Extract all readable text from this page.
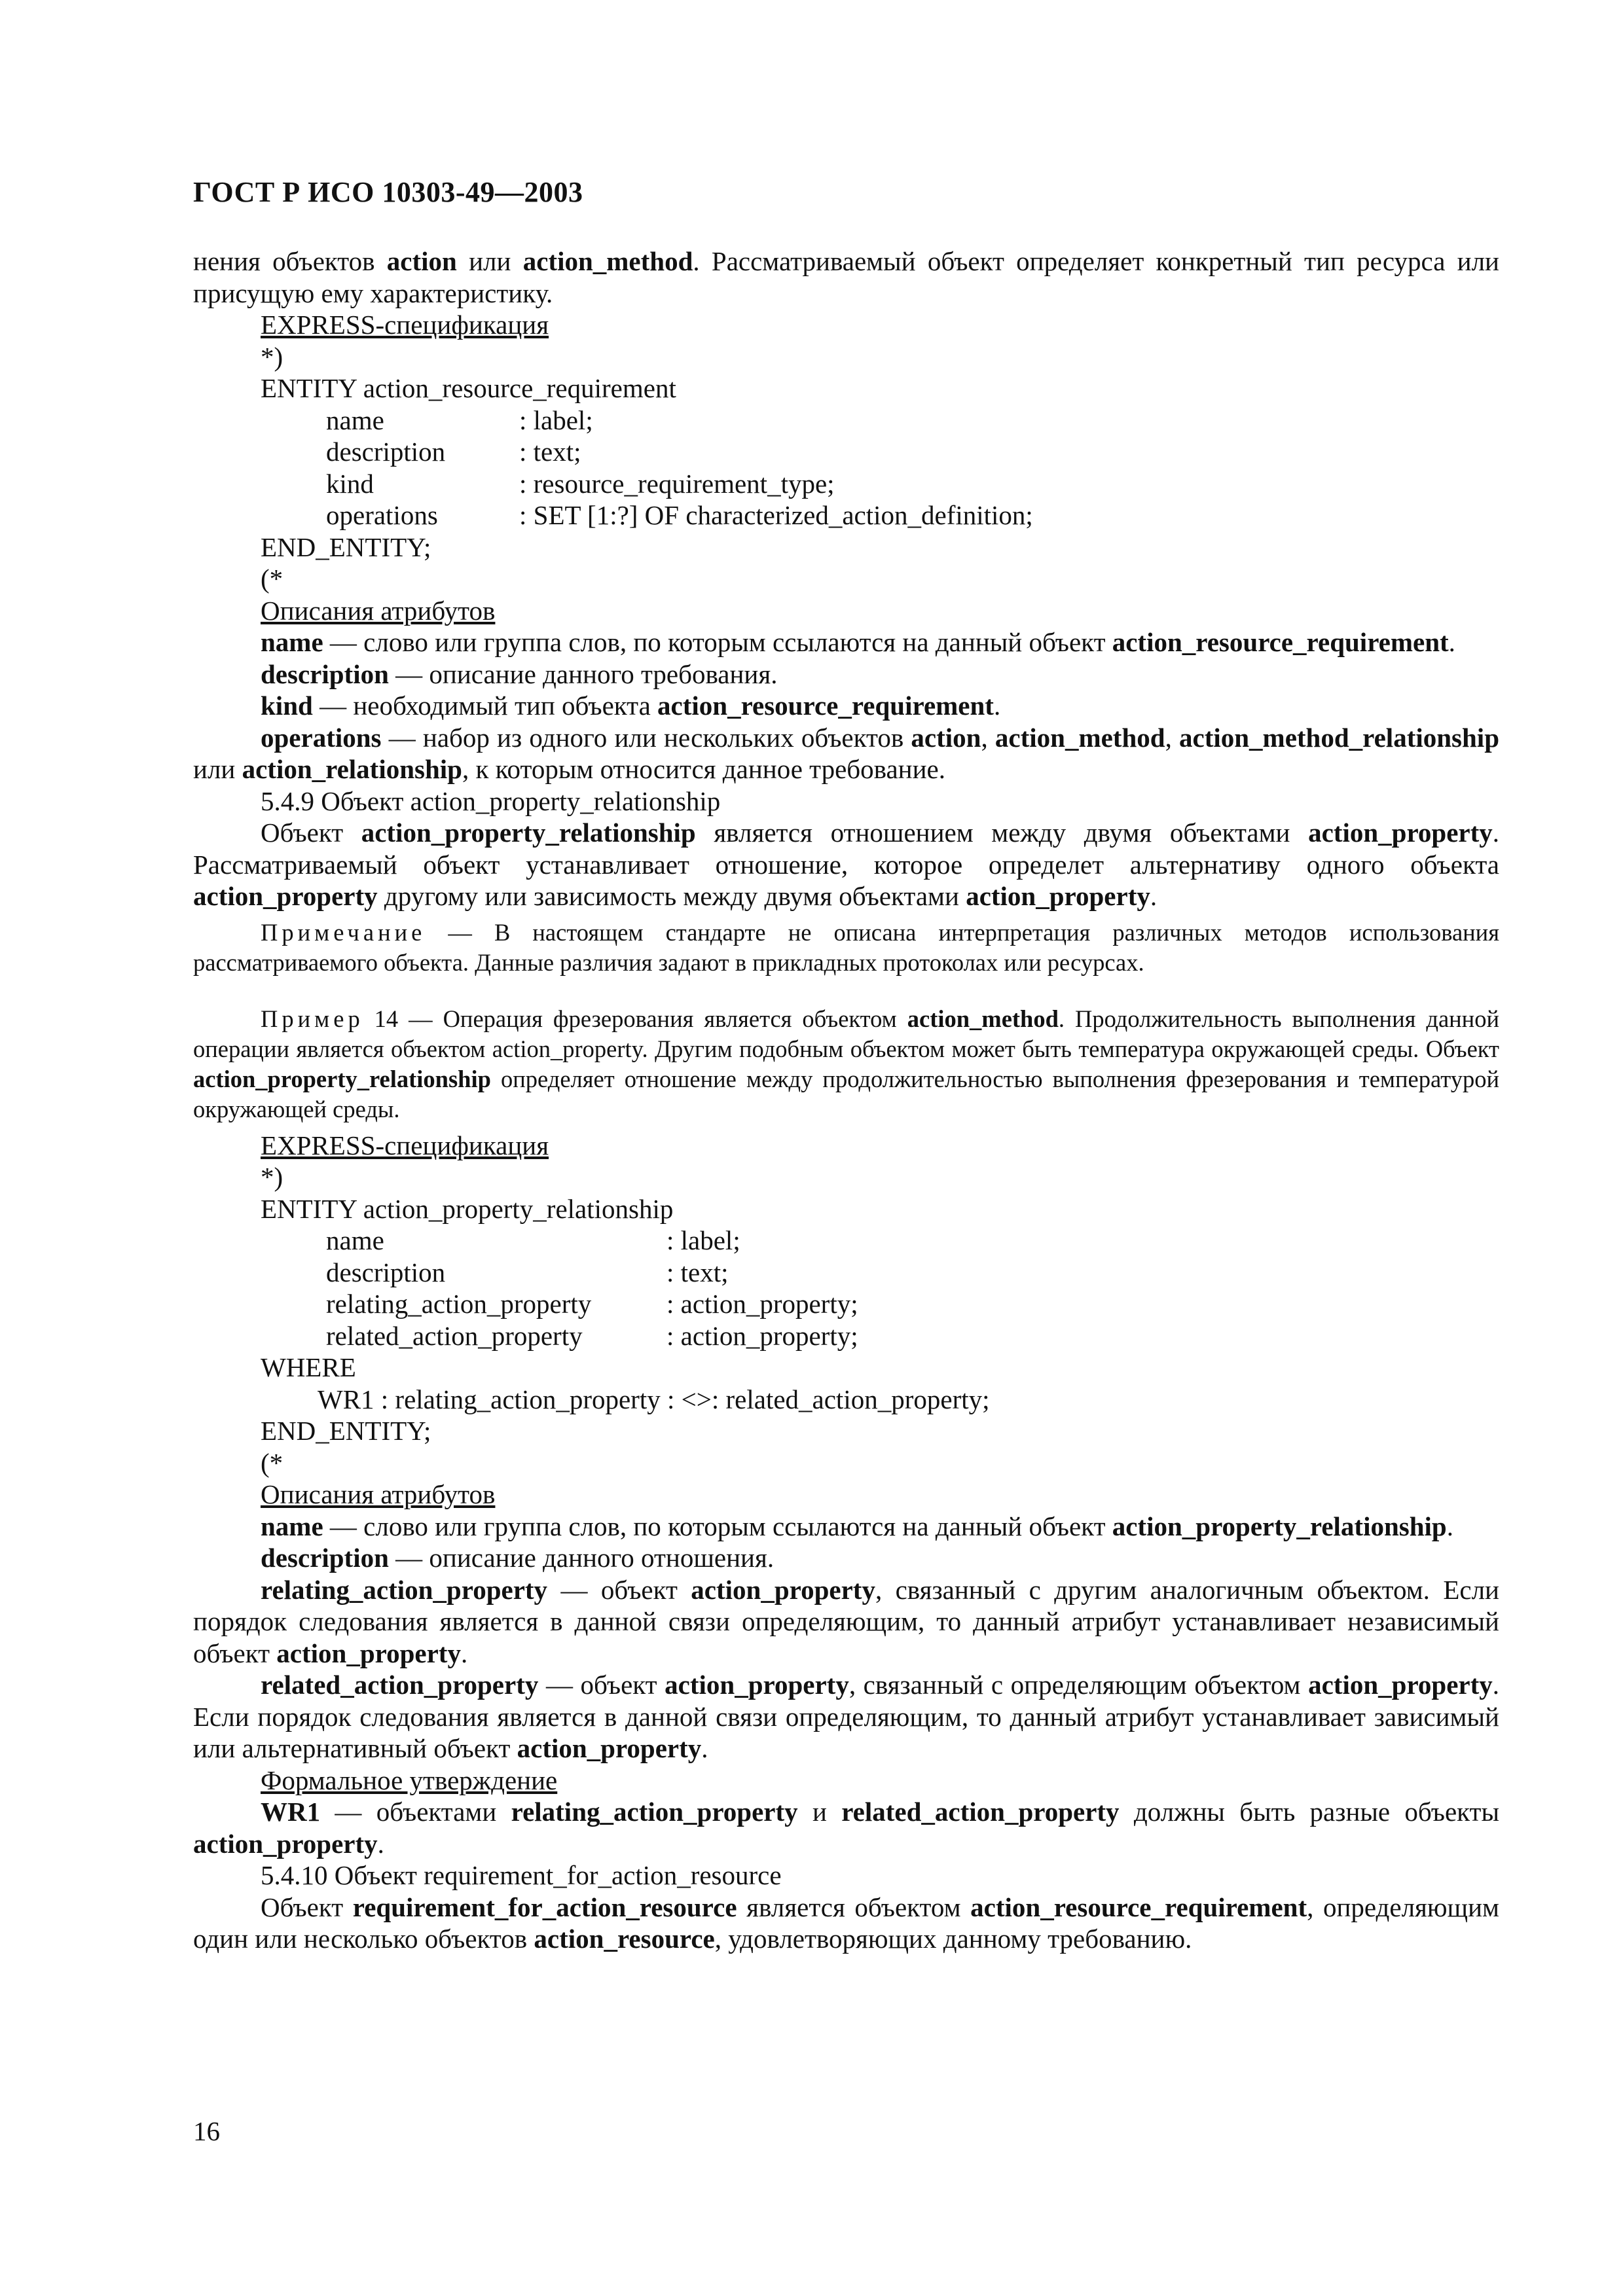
ГОСТ Р ИСО 10303-49—2003

нения объектов action или action_method. Рассматриваемый объект определяет конкретный тип ресурса или присущую ему характеристику.

EXPRESS-спецификация
*)
ENTITY action_resource_requirement
name	: label;
description	: text;
kind	: resource_requirement_type;
operations	: SET [1:?] OF characterized_action_definition;
END_ENTITY;
(*
Описания атрибутов

name — слово или группа слов, по которым ссылаются на данный объект action_resource_requirement.

description — описание данного требования.

kind — необходимый тип объекта action_resource_requirement.

operations — набор из одного или нескольких объектов action, action_method, action_method_relationship или action_relationship, к которым относится данное требование.

5.4.9 Объект action_property_relationship

Объект action_property_relationship является отношением между двумя объектами action_property. Рассматриваемый объект устанавливает отношение, которое определет альтернативу одного объекта action_property другому или зависимость между двумя объектами action_property.

Примечание — В настоящем стандарте не описана интерпретация различных методов использования рассматриваемого объекта. Данные различия задают в прикладных протоколах или ресурсах.

Пример 14 — Операция фрезерования является объектом action_method. Продолжительность выполнения данной операции является объектом action_property. Другим подобным объектом может быть температура окружающей среды. Объект action_property_relationship определяет отношение между продолжительностью выполнения фрезерования и температурой окружающей среды.

EXPRESS-спецификация
*)
ENTITY action_property_relationship
name	: label;
description	: text;
relating_action_property	: action_property;
related_action_property	: action_property;
WHERE
WR1 : relating_action_property : <>: related_action_property;
END_ENTITY;
(*
Описания атрибутов

name — слово или группа слов, по которым ссылаются на данный объект action_property_relationship.

description — описание данного отношения.

relating_action_property — объект action_property, связанный с другим аналогичным объектом. Если порядок следования является в данной связи определяющим, то данный атрибут устанавливает независимый объект action_property.

related_action_property — объект action_property, связанный с определяющим объектом action_property. Если порядок следования является в данной связи определяющим, то данный атрибут устанавливает зависимый или альтернативный объект action_property.

Формальное утверждение

WR1 — объектами relating_action_property и related_action_property должны быть разные объекты action_property.

5.4.10 Объект requirement_for_action_resource

Объект requirement_for_action_resource является объектом action_resource_requirement, определяющим один или несколько объектов action_resource, удовлетворяющих данному требованию.

16
